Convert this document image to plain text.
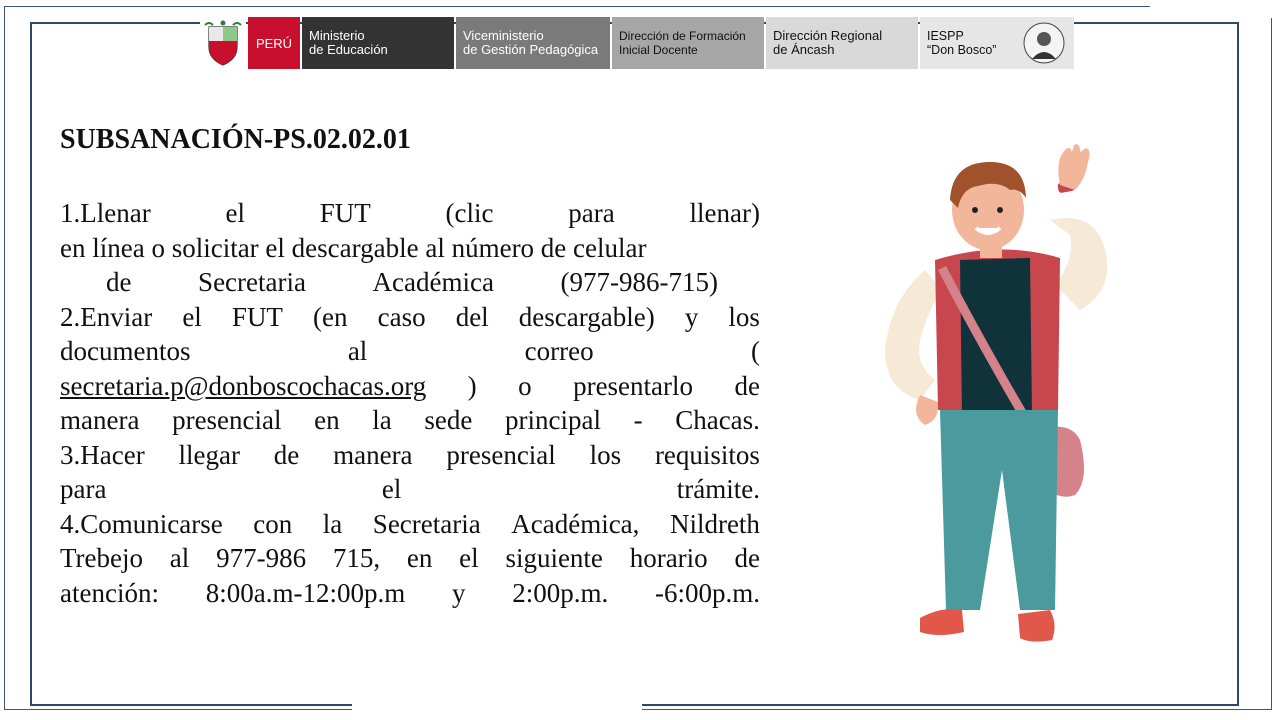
PERÚ	Ministerio
de Educación
Viceministerio
de Gestión Pedagógica
Dirección de Formación
Inicial Docente
Dirección Regional
de Áncash
IESPP
“Don Bosco”
SUBSANACIÓN-PS.02.02.01
1.Llenar	el	FUT	(clic	para	llenar)
en línea o solicitar el descargable al número de celular
de Secretaria Académica (977-986-715)
2.Enviar el FUT (en caso del descargable) y los
documentos	al	correo	(
secretaria.p@donboscochacas.org ) o presentarlo de
manera presencial en la sede principal - Chacas.
3.Hacer llegar de manera presencial los requisitos
para	el	trámite.
4.Comunicarse con la Secretaria Académica, Nildreth
Trebejo al 977-986 715, en el siguiente horario de
atención: 8:00a.m-12:00p.m y 2:00p.m. -6:00p.m.
